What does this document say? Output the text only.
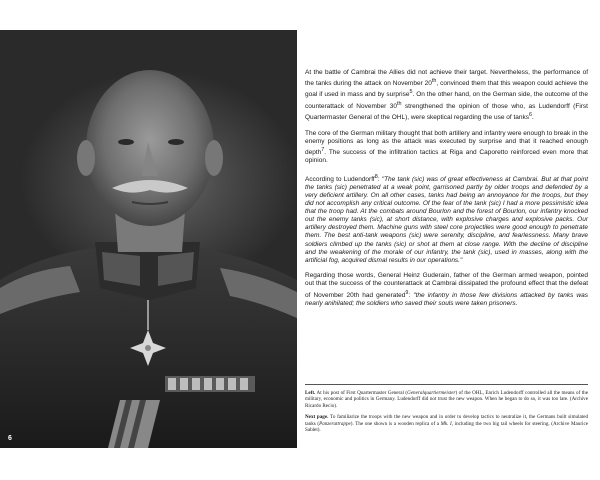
6

At the battle of Cambrai the Allies did not achieve their target. Nevertheless, the performance of the tanks during the attack on November 20th, convinced them that this weapon could achieve the goal if used in mass and by surprise$^5$. On the other hand, on the German side, the outcome of the counterattack of November 30th strengthened the opinion of those who, as Ludendorff (First Quartermaster General of the OHL), were skeptical regarding the use of tanks$^6$.

The core of the German military thought that both artillery and infantry were enough to break in the enemy positions as long as the attack was executed by surprise and that it reached enough depth$^7$. The success of the infiltration tactics at Riga and Caporetto reinforced even more that opinion.

According to Ludendorff$^8$: "The tank (sic) was of great effectiveness at Cambrai. But at that point the tanks (sic) penetrated at a weak point, garrisoned partly by older troops and defended by a very deficient artillery. On all other cases, tanks had being an annoyance for the troops, but they did not accomplish any critical outcome. Of the fear of the tank (sic) I had a more pessimistic idea that the troop had. At the combats around Bourlon and the forest of Bourlon, our infantry knocked out the enemy tanks (sic), at short distance, with explosive charges and explosive packs. Our artillery destroyed them. Machine guns with steel core projectiles were good enough to penetrate them. The best anti-tank weapons (sic) were serenity, discipline, and fearlessness. Many brave soldiers climbed up the tanks (sic) or shot at them at close range. With the decline of discipline and the weakening of the morale of our infantry, the tank (sic), used in masses, along with the artificial fog, acquired dismal results in our operations."

Regarding those words, General Heinz Guderain, father of the German armed weapon, pointed out that the success of the counterattack at Cambrai dissipated the profound effect that the defeat of November 20th had generated$^9$: "the infantry in those few divisions attacked by tanks was nearly anihilated; the soldiers who saved their souls were taken prisoners.

Left. At his post of First Quartermaster General (Generalquartiermeister) of the OHL, Enrich Ludendorff controlled all the means of the military, economic and politics in Germany. Ludendorff did not trust the new weapon. When he began to do so, it was too late. (Archive Ricardo Recio).

Next page. To familiarize the troops with the new weapon and in order to develop tactics to neutralize it, the Germans built simulated tanks (Panzerattrappe). The one shown is a wooden replica of a Mk. I, including the two big tail wheels for steering. (Archive Maurice Sablet).
